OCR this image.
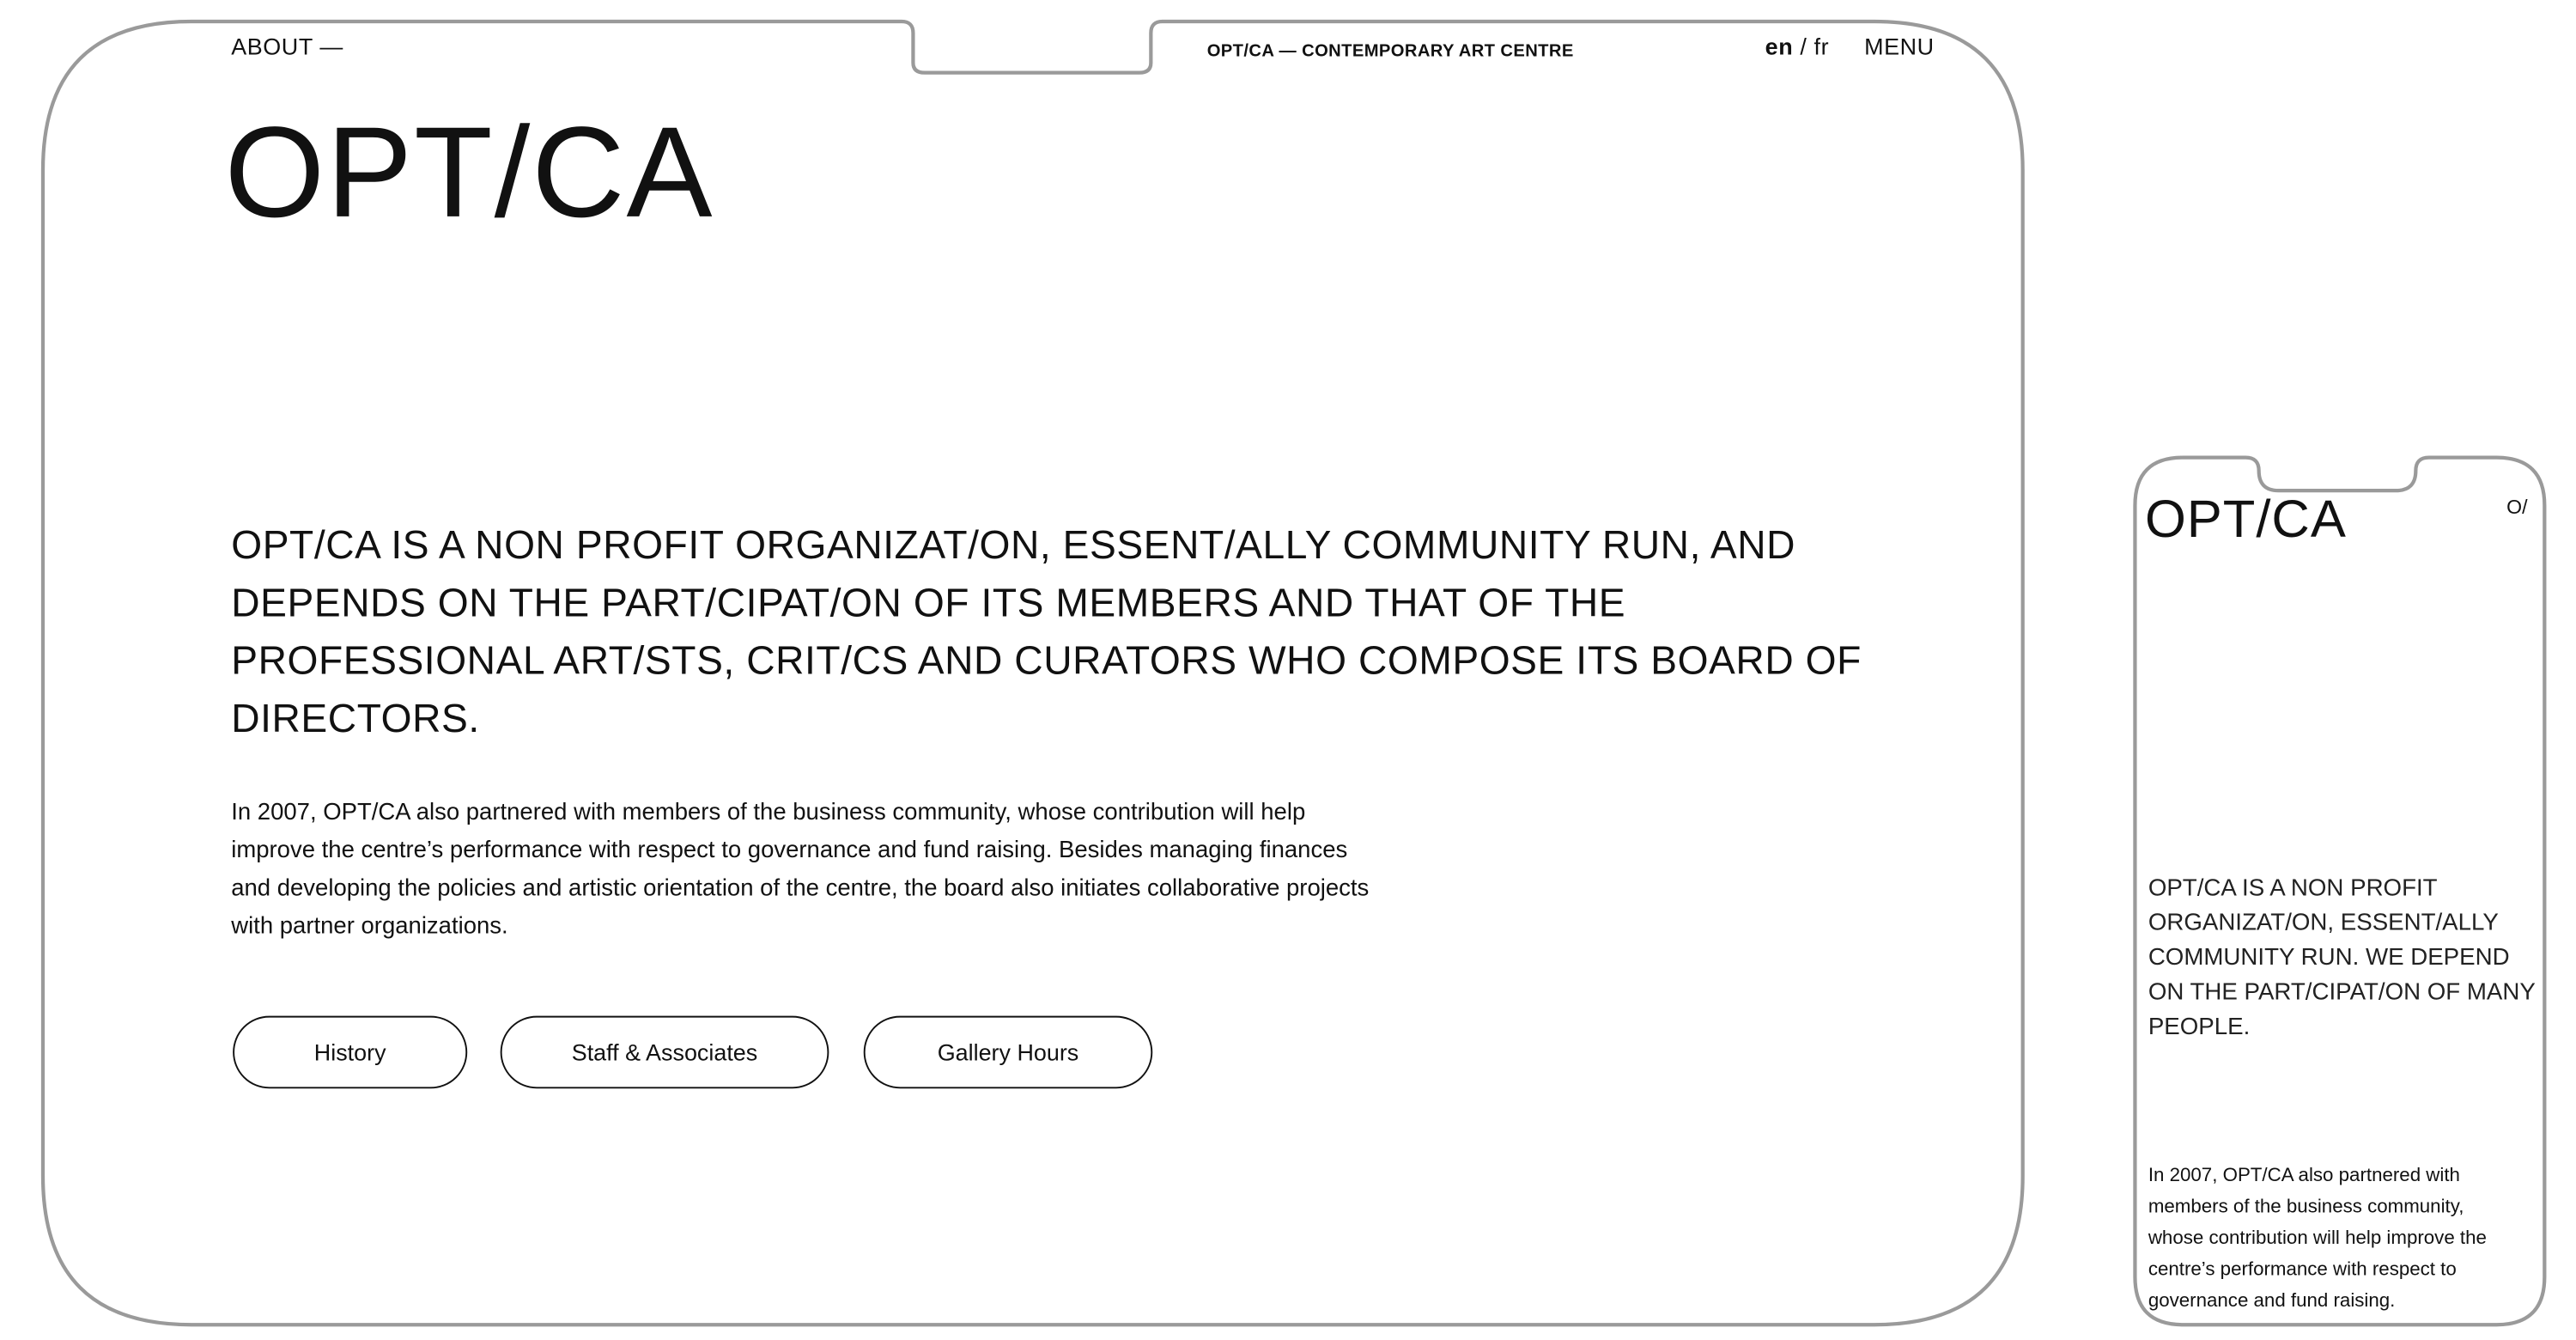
ABOUT —	OPT/CA — CONTEMPORARY ART CENTRE	en / fr	MENU
OPT/CA
OPT/CA IS A NON PROFIT ORGANIZAT/ON, ESSENT/ALLY COMMUNITY RUN, AND DEPENDS ON THE PART/CIPAT/ON OF ITS MEMBERS AND THAT OF THE PROFESSIONAL ART/STS, CRIT/CS AND CURATORS WHO COMPOSE ITS BOARD OF DIRECTORS.
In 2007, OPT/CA also partnered with members of the business community, whose contribution will help improve the centre’s performance with respect to governance and fund raising. Besides managing finances and developing the policies and artistic orientation of the centre, the board also initiates collaborative projects with partner organizations.
History	Staff & Associates	Gallery Hours
OPT/CA	O/
OPT/CA IS A NON PROFIT ORGANIZAT/ON, ESSENT/ALLY COMMUNITY RUN. WE DEPEND ON THE PART/CIPAT/ON OF MANY PEOPLE.
In 2007, OPT/CA also partnered with members of the business community, whose contribution will help improve the centre’s performance with respect to governance and fund raising.
